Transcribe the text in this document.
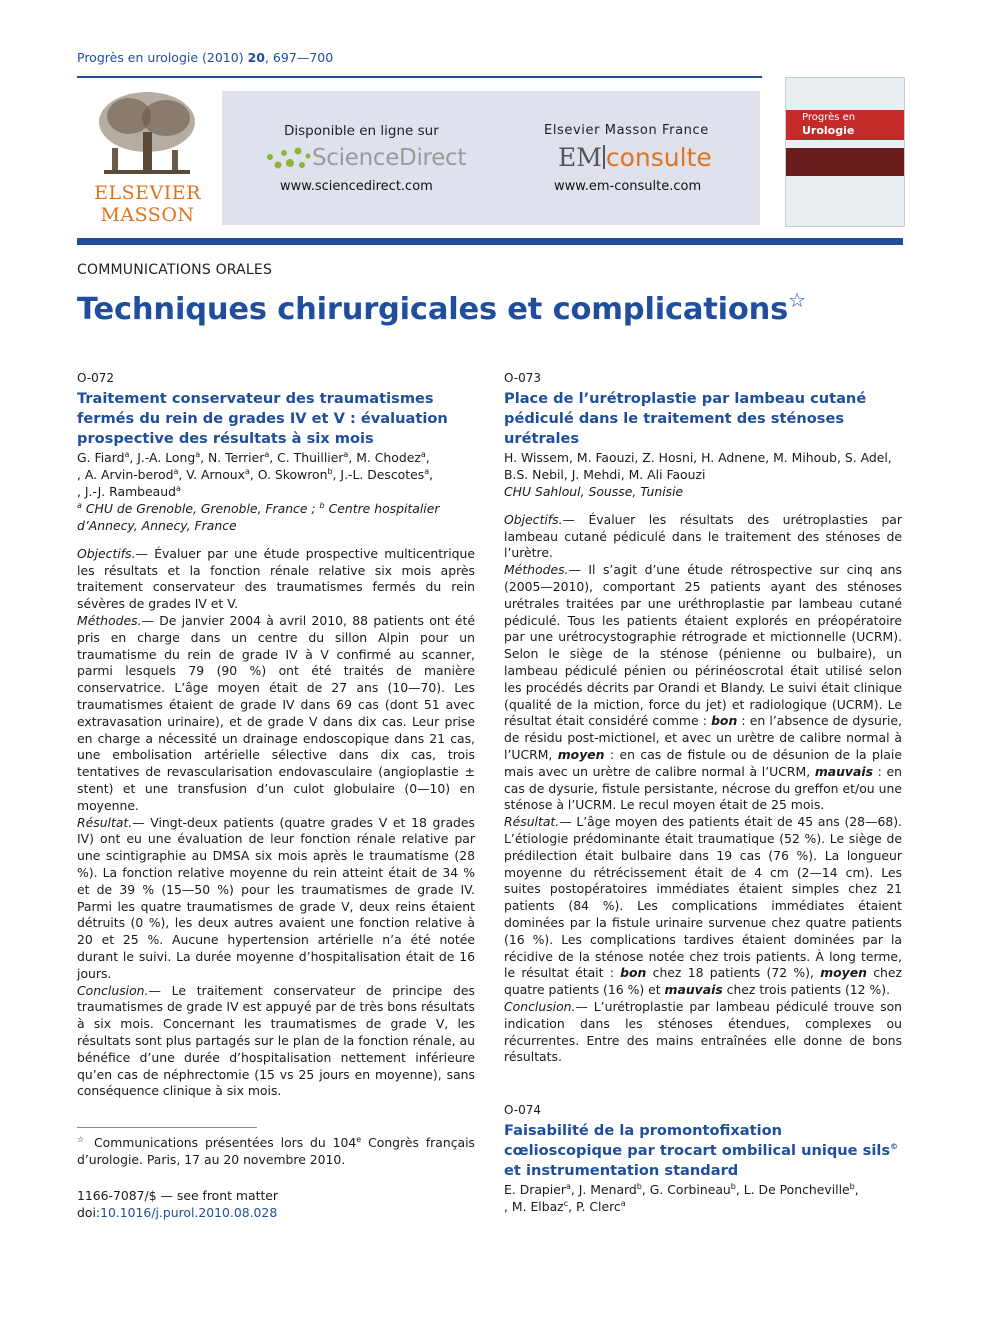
Progrès en urologie (2010) 20, 697—700
ELSEVIER
MASSON
Disponible en ligne sur
ScienceDirect
www.sciencedirect.com
Elsevier Masson France
EM consulte
www.em-consulte.com
Progrès en
Urologie
COMMUNICATIONS ORALES
Techniques chirurgicales et complications☆
O-072
Traitement conservateur des traumatismes fermés du rein de grades IV et V : évaluation prospective des résultats à six mois
G. Fiard$^a$, J.-A. Long$^a$, N. Terrier$^a$, C. Thuillier$^a$, M. Chodez$^a$,
, A. Arvin-berod$^a$, V. Arnoux$^a$, O. Skowron$^b$, J.-L. Descotes$^a$,
, J.-J. Rambeaud$^a$
$^a$ CHU de Grenoble, Grenoble, France ; $^b$ Centre hospitalier d’Annecy, Annecy, France

Objectifs.— Évaluer par une étude prospective multicentrique les résultats et la fonction rénale relative six mois après traitement conservateur des traumatismes fermés du rein sévères de grades IV et V.

Méthodes.— De janvier 2004 à avril 2010, 88 patients ont été pris en charge dans un centre du sillon Alpin pour un traumatisme du rein de grade IV à V confirmé au scanner, parmi lesquels 79 (90 %) ont été traités de manière conservatrice. L’âge moyen était de 27 ans (10—70). Les traumatismes étaient de grade IV dans 69 cas (dont 51 avec extravasation urinaire), et de grade V dans dix cas. Leur prise en charge a nécessité un drainage endoscopique dans 21 cas, une embolisation artérielle sélective dans dix cas, trois tentatives de revascularisation endovasculaire (angioplastie ± stent) et une transfusion d’un culot globulaire (0—10) en moyenne.

Résultat.— Vingt-deux patients (quatre grades V et 18 grades IV) ont eu une évaluation de leur fonction rénale relative par une scintigraphie au DMSA six mois après le traumatisme (28 %). La fonction relative moyenne du rein atteint était de 34 % et de 39 % (15—50 %) pour les traumatismes de grade IV. Parmi les quatre traumatismes de grade V, deux reins étaient détruits (0 %), les deux autres avaient une fonction relative à 20 et 25 %. Aucune hypertension artérielle n’a été notée durant le suivi. La durée moyenne d’hospitalisation était de 16 jours.

Conclusion.— Le traitement conservateur de principe des traumatismes de grade IV est appuyé par de très bons résultats à six mois. Concernant les traumatismes de grade V, les résultats sont plus partagés sur le plan de la fonction rénale, au bénéfice d’une durée d’hospitalisation nettement inférieure qu’en cas de néphrectomie (15 vs 25 jours en moyenne), sans conséquence clinique à six mois.

O-073
Place de l’urétroplastie par lambeau cutané pédiculé dans le traitement des sténoses urétrales
H. Wissem, M. Faouzi, Z. Hosni, H. Adnene, M. Mihoub, S. Adel, B.S. Nebil, J. Mehdi, M. Ali Faouzi
CHU Sahloul, Sousse, Tunisie

Objectifs.— Évaluer les résultats des urétroplasties par lambeau cutané pédiculé dans le traitement des sténoses de l’urètre.

Méthodes.— Il s’agit d’une étude rétrospective sur cinq ans (2005—2010), comportant 25 patients ayant des sténoses urétrales traitées par une uréthroplastie par lambeau cutané pédiculé. Tous les patients étaient explorés en préopératoire par une urétrocystographie rétrograde et mictionnelle (UCRM). Selon le siège de la sténose (pénienne ou bulbaire), un lambeau pédiculé pénien ou périnéoscrotal était utilisé selon les procédés décrits par Orandi et Blandy. Le suivi était clinique (qualité de la miction, force du jet) et radiologique (UCRM). Le résultat était considéré comme : bon : en l’absence de dysurie, de résidu post-mictionel, et avec un urètre de calibre normal à l’UCRM, moyen : en cas de fistule ou de désunion de la plaie mais avec un urètre de calibre normal à l’UCRM, mauvais : en cas de dysurie, fistule persistante, nécrose du greffon et/ou une sténose à l’UCRM. Le recul moyen était de 25 mois.

Résultat.— L’âge moyen des patients était de 45 ans (28—68). L’étiologie prédominante était traumatique (52 %). Le siège de prédilection était bulbaire dans 19 cas (76 %). La longueur moyenne du rétrécissement était de 4 cm (2—14 cm). Les suites postopératoires immédiates étaient simples chez 21 patients (84 %). Les complications immédiates étaient dominées par la fistule urinaire survenue chez quatre patients (16 %). Les complications tardives étaient dominées par la récidive de la sténose notée chez trois patients. À long terme, le résultat était : bon chez 18 patients (72 %), moyen chez quatre patients (16 %) et mauvais chez trois patients (12 %).

Conclusion.— L’urétroplastie par lambeau pédiculé trouve son indication dans les sténoses étendues, complexes ou récurrentes. Entre des mains entraînées elle donne de bons résultats.

O-074
Faisabilité de la promontofixation cœlioscopique par trocart ombilical unique sils© et instrumentation standard
E. Drapier$^a$, J. Menard$^b$, G. Corbineau$^b$, L. De Poncheville$^b$,
, M. Elbaz$^c$, P. Clerc$^a$
☆ Communications présentées lors du 104e Congrès français d’urologie. Paris, 17 au 20 novembre 2010.
1166-7087/$ — see front matter
doi:10.1016/j.purol.2010.08.028
